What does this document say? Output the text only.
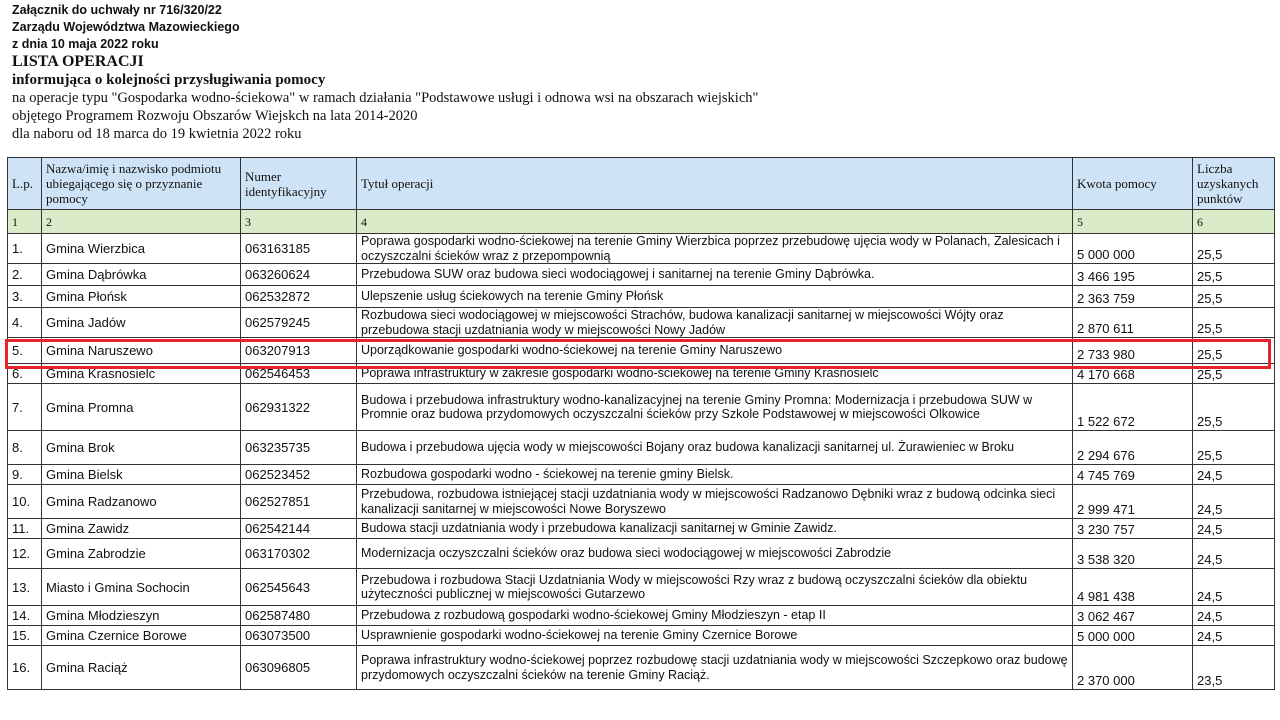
Załącznik do uchwały nr 716/320/22

Zarządu Województwa Mazowieckiego

z dnia 10 maja 2022 roku

LISTA OPERACJI

informująca o kolejności przysługiwania pomocy

na operacje typu "Gospodarka wodno-ściekowa" w ramach działania "Podstawowe usługi i odnowa wsi na obszarach wiejskich"

objętego Programem Rozwoju Obszarów Wiejskch na lata 2014-2020

dla naboru od 18 marca do 19 kwietnia 2022 roku

L.p.	Nazwa/imię i nazwisko podmiotu ubiegającego się o przyznanie pomocy	Numer identyfikacyjny	Tytuł operacji	Kwota pomocy	Liczba uzyskanych punktów
1	2	3	4	5	6
1.	Gmina Wierzbica	063163185	Poprawa gospodarki wodno-ściekowej na terenie Gminy Wierzbica poprzez przebudowę ujęcia wody w Polanach, Zalesicach i oczyszczalni ścieków wraz z przepompownią	5 000 000	25,5
2.	Gmina Dąbrówka	063260624	Przebudowa SUW oraz budowa sieci wodociągowej i sanitarnej na terenie Gminy Dąbrówka.	3 466 195	25,5
3.	Gmina Płońsk	062532872	Ulepszenie usług ściekowych na terenie Gminy Płońsk	2 363 759	25,5
4.	Gmina Jadów	062579245	Rozbudowa sieci wodociągowej w miejscowości Strachów, budowa kanalizacji sanitarnej w miejscowości Wójty oraz przebudowa stacji uzdatniania wody w miejscowości Nowy Jadów	2 870 611	25,5
5.	Gmina Naruszewo	063207913	Uporządkowanie gospodarki wodno-ściekowej na terenie Gminy Naruszewo	2 733 980	25,5
6.	Gmina Krasnosielc	062546453	Poprawa infrastruktury w zakresie gospodarki wodno-ściekowej na terenie Gminy Krasnosielc	4 170 668	25,5
7.	Gmina Promna	062931322	Budowa i przebudowa infrastruktury wodno-kanalizacyjnej na terenie Gminy Promna: Modernizacja i przebudowa SUW w Promnie oraz budowa przydomowych oczyszczalni ścieków przy Szkole Podstawowej w miejscowości Olkowice	1 522 672	25,5
8.	Gmina Brok	063235735	Budowa i przebudowa ujęcia wody w miejscowości Bojany oraz budowa kanalizacji sanitarnej ul. Żurawieniec w Broku	2 294 676	25,5
9.	Gmina Bielsk	062523452	Rozbudowa gospodarki wodno - ściekowej na terenie gminy Bielsk.	4 745 769	24,5
10.	Gmina Radzanowo	062527851	Przebudowa, rozbudowa istniejącej stacji uzdatniania wody w miejscowości Radzanowo Dębniki wraz z budową odcinka sieci kanalizacji sanitarnej w miejscowości Nowe Boryszewo	2 999 471	24,5
11.	Gmina Zawidz	062542144	Budowa stacji uzdatniania wody i przebudowa kanalizacji sanitarnej w Gminie Zawidz.	3 230 757	24,5
12.	Gmina Zabrodzie	063170302	Modernizacja oczyszczalni ścieków oraz budowa sieci wodociągowej w miejscowości Zabrodzie	3 538 320	24,5
13.	Miasto i Gmina Sochocin	062545643	Przebudowa i rozbudowa Stacji Uzdatniania Wody w miejscowości Rzy wraz z budową oczyszczalni ścieków dla obiektu użyteczności publicznej w miejscowości Gutarzewo	4 981 438	24,5
14.	Gmina Młodzieszyn	062587480	Przebudowa z rozbudową gospodarki wodno-ściekowej Gminy Młodzieszyn - etap II	3 062 467	24,5
15.	Gmina Czernice Borowe	063073500	Usprawnienie gospodarki wodno-ściekowej na terenie Gminy Czernice Borowe	5 000 000	24,5
16.	Gmina Raciąż	063096805	Poprawa infrastruktury wodno-ściekowej poprzez rozbudowę stacji uzdatniania wody w miejscowości Szczepkowo oraz budowę przydomowych oczyszczalni ścieków na terenie Gminy Raciąż.	2 370 000	23,5
